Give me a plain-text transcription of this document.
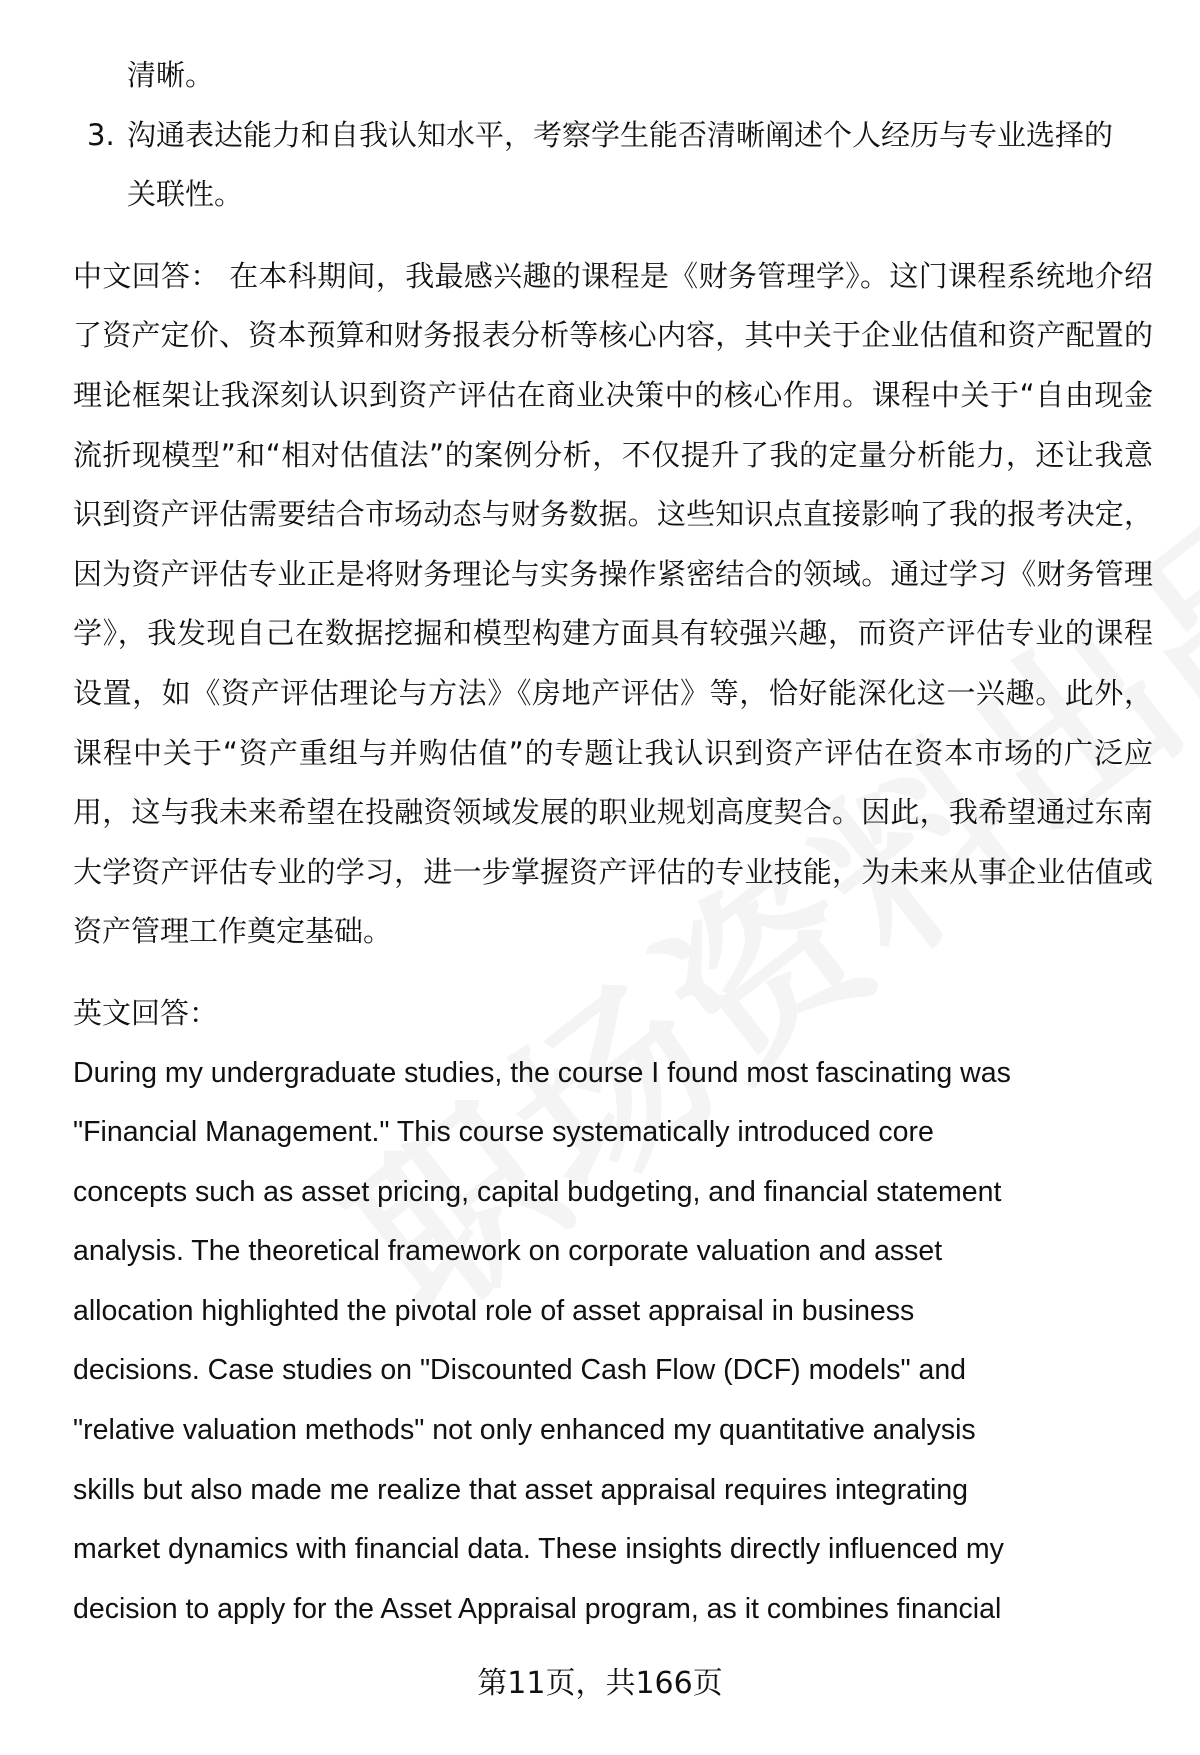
清晰。
3. 沟通表达能力和自我认知水平，考察学生能否清晰阐述个人经历与专业选择的
关联性。

中文回答： 在本科期间，我最感兴趣的课程是《财务管理学》。这门课程系统地介绍了资产定价、资本预算和财务报表分析等核心内容，其中关于企业估值和资产配置的理论框架让我深刻认识到资产评估在商业决策中的核心作用。课程中关于“自由现金流折现模型”和“相对估值法”的案例分析，不仅提升了我的定量分析能力，还让我意识到资产评估需要结合市场动态与财务数据。这些知识点直接影响了我的报考决定，因为资产评估专业正是将财务理论与实务操作紧密结合的领域。通过学习《财务管理学》，我发现自己在数据挖掘和模型构建方面具有较强兴趣，而资产评估专业的课程设置，如《资产评估理论与方法》《房地产评估》等，恰好能深化这一兴趣。此外，课程中关于“资产重组与并购估值”的专题让我认识到资产评估在资本市场的广泛应用，这与我未来希望在投融资领域发展的职业规划高度契合。因此，我希望通过东南大学资产评估专业的学习，进一步掌握资产评估的专业技能，为未来从事企业估值或资产管理工作奠定基础。

英文回答：

During my undergraduate studies, the course I found most fascinating was

"Financial Management." This course systematically introduced core

concepts such as asset pricing, capital budgeting, and financial statement

analysis. The theoretical framework on corporate valuation and asset

allocation highlighted the pivotal role of asset appraisal in business

decisions. Case studies on "Discounted Cash Flow (DCF) models" and

"relative valuation methods" not only enhanced my quantitative analysis

skills but also made me realize that asset appraisal requires integrating

market dynamics with financial data. These insights directly influenced my

decision to apply for the Asset Appraisal program, as it combines financial

第11页，共166页
